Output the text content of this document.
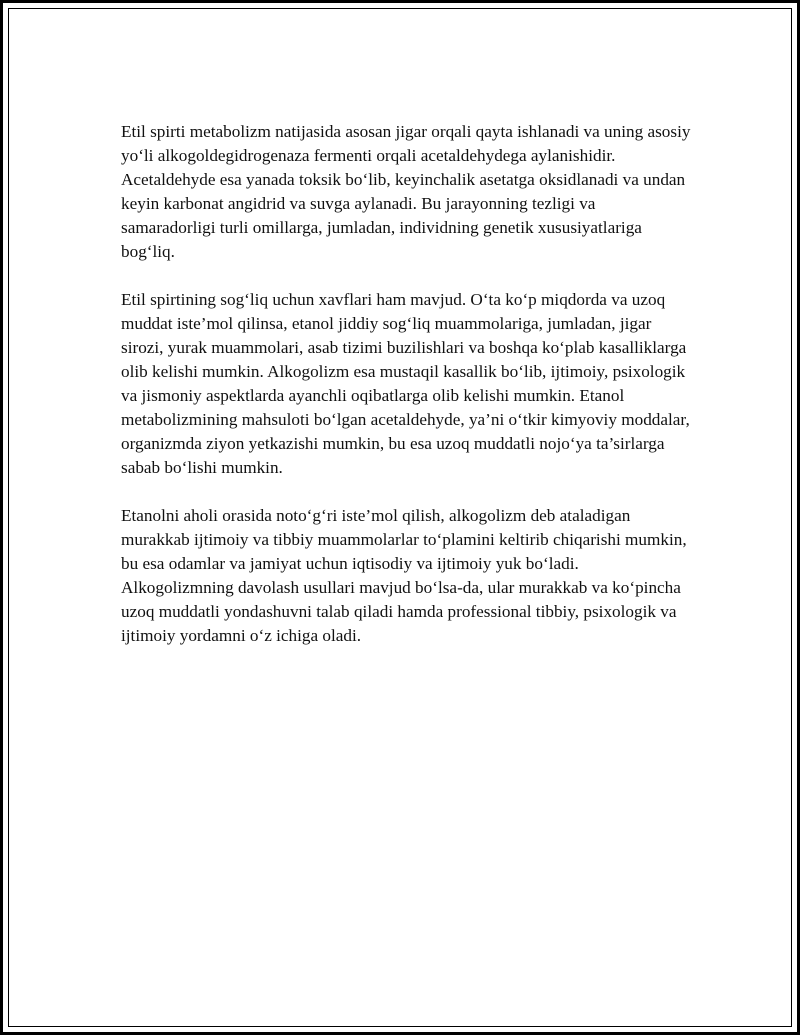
Etil spirti metabolizm natijasida asosan jigar orqali qayta ishlanadi va uning asosiy yo‘li alkogoldegidrogenaza fermenti orqali acetaldehydega aylanishidir. Acetaldehyde esa yanada toksik bo‘lib, keyinchalik asetatga oksidlanadi va undan keyin karbonat angidrid va suvga aylanadi. Bu jarayonning tezligi va samaradorligi turli omillarga, jumladan, individning genetik xususiyatlariga bog‘liq.

Etil spirtining sog‘liq uchun xavflari ham mavjud. O‘ta ko‘p miqdorda va uzoq muddat iste’mol qilinsa, etanol jiddiy sog‘liq muammolariga, jumladan, jigar sirozi, yurak muammolari, asab tizimi buzilishlari va boshqa ko‘plab kasalliklarga olib kelishi mumkin. Alkogolizm esa mustaqil kasallik bo‘lib, ijtimoiy, psixologik va jismoniy aspektlarda ayanchli oqibatlarga olib kelishi mumkin. Etanol metabolizmining mahsuloti bo‘lgan acetaldehyde, ya’ni o‘tkir kimyoviy moddalar, organizmda ziyon yetkazishi mumkin, bu esa uzoq muddatli nojo‘ya ta’sirlarga sabab bo‘lishi mumkin.

Etanolni aholi orasida noto‘g‘ri iste’mol qilish, alkogolizm deb ataladigan murakkab ijtimoiy va tibbiy muammolarlar to‘plamini keltirib chiqarishi mumkin, bu esa odamlar va jamiyat uchun iqtisodiy va ijtimoiy yuk bo‘ladi. Alkogolizmning davolash usullari mavjud bo‘lsa-da, ular murakkab va ko‘pincha uzoq muddatli yondashuvni talab qiladi hamda professional tibbiy, psixologik va ijtimoiy yordamni o‘z ichiga oladi.
